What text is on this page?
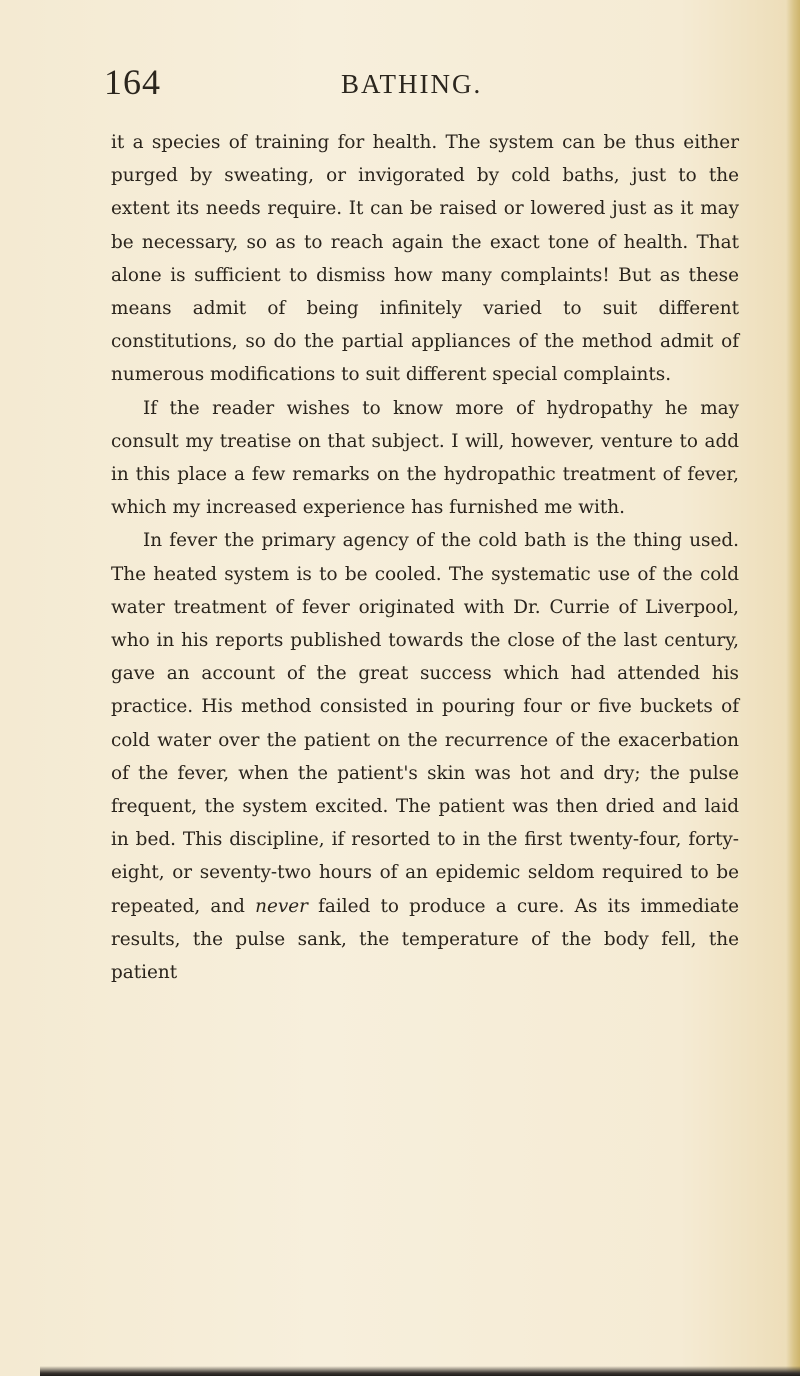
164	BATHING.

it a species of training for health. The system can be thus either purged by sweating, or invigorated by cold baths, just to the extent its needs require. It can be raised or lowered just as it may be necessary, so as to reach again the exact tone of health. That alone is sufficient to dismiss how many complaints! But as these means admit of being infinitely varied to suit different constitutions, so do the partial appliances of the method admit of numerous modifications to suit different special complaints.

If the reader wishes to know more of hydropathy he may consult my treatise on that subject. I will, however, venture to add in this place a few remarks on the hydropathic treatment of fever, which my increased experience has furnished me with.

In fever the primary agency of the cold bath is the thing used. The heated system is to be cooled. The systematic use of the cold water treatment of fever originated with Dr. Currie of Liverpool, who in his reports published towards the close of the last century, gave an account of the great success which had attended his practice. His method consisted in pouring four or five buckets of cold water over the patient on the recurrence of the exacerbation of the fever, when the patient's skin was hot and dry; the pulse frequent, the system excited. The patient was then dried and laid in bed. This discipline, if resorted to in the first twenty-four, forty-eight, or seventy-two hours of an epidemic seldom required to be repeated, and never failed to produce a cure. As its immediate results, the pulse sank, the temperature of the body fell, the patient
